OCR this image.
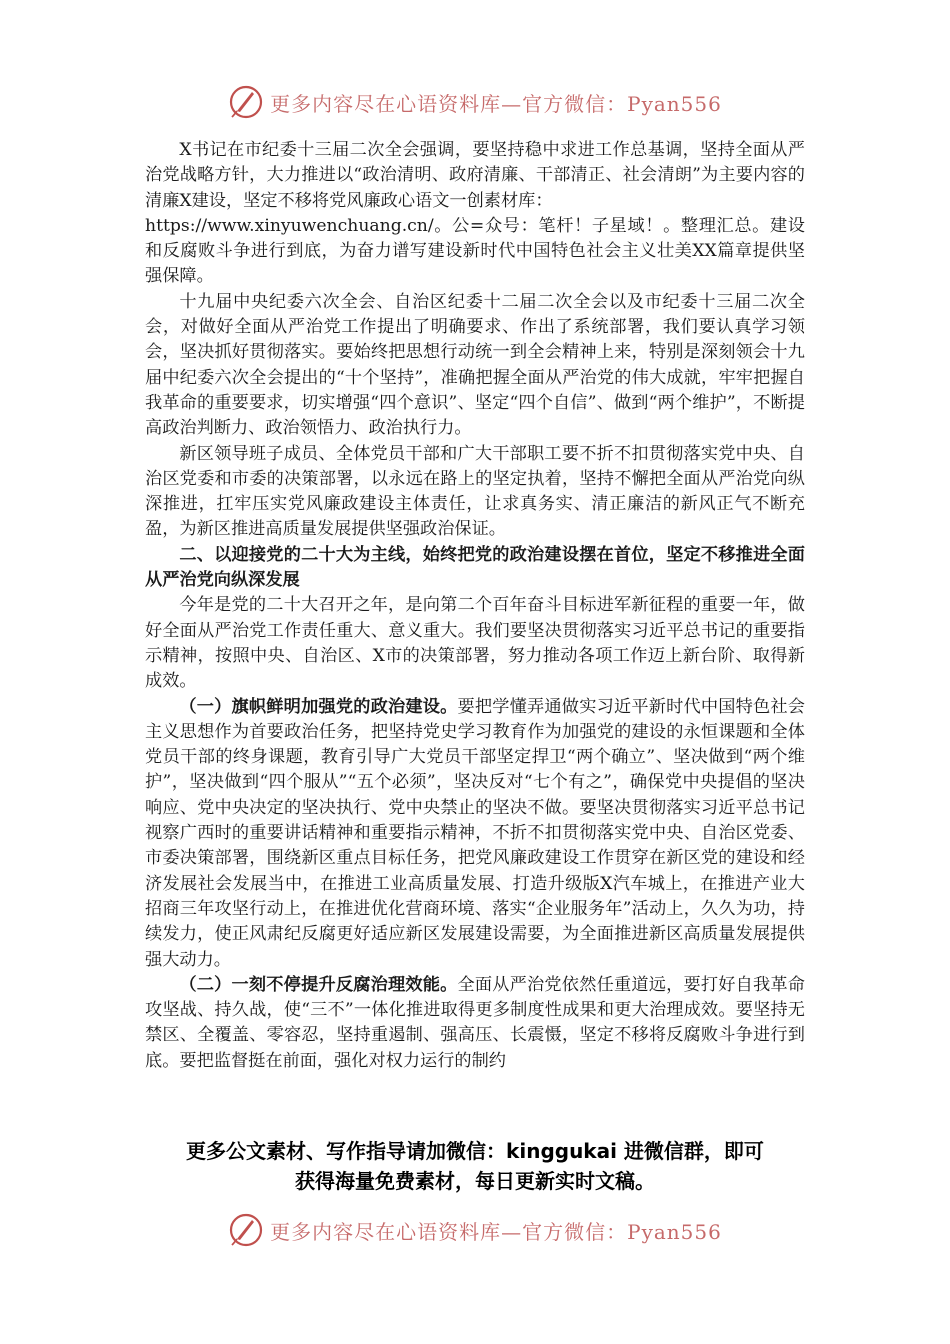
更多内容尽在心语资料库—官方微信：Pyan556

X书记在市纪委十三届二次全会强调，要坚持稳中求进工作总基调，坚持全面从严治党战略方针，大力推进以“政治清明、政府清廉、干部清正、社会清朗”为主要内容的清廉X建设，坚定不移将党风廉政心语文一创素材库：

https://www.xinyuwenchuang.cn/。公=众号：笔杆！子星域！。整理汇总。建设和反腐败斗争进行到底，为奋力谱写建设新时代中国特色社会主义壮美XX篇章提供坚强保障。

十九届中央纪委六次全会、自治区纪委十二届二次全会以及市纪委十三届二次全会，对做好全面从严治党工作提出了明确要求、作出了系统部署，我们要认真学习领会，坚决抓好贯彻落实。要始终把思想行动统一到全会精神上来，特别是深刻领会十九届中纪委六次全会提出的“十个坚持”，准确把握全面从严治党的伟大成就，牢牢把握自我革命的重要要求，切实增强“四个意识”、坚定“四个自信”、做到“两个维护”，不断提高政治判断力、政治领悟力、政治执行力。

新区领导班子成员、全体党员干部和广大干部职工要不折不扣贯彻落实党中央、自治区党委和市委的决策部署，以永远在路上的坚定执着，坚持不懈把全面从严治党向纵深推进，扛牢压实党风廉政建设主体责任，让求真务实、清正廉洁的新风正气不断充盈，为新区推进高质量发展提供坚强政治保证。

二、以迎接党的二十大为主线，始终把党的政治建设摆在首位，坚定不移推进全面从严治党向纵深发展

今年是党的二十大召开之年，是向第二个百年奋斗目标进军新征程的重要一年，做好全面从严治党工作责任重大、意义重大。我们要坚决贯彻落实习近平总书记的重要指示精神，按照中央、自治区、X市的决策部署，努力推动各项工作迈上新台阶、取得新成效。

（一）旗帜鲜明加强党的政治建设。要把学懂弄通做实习近平新时代中国特色社会主义思想作为首要政治任务，把坚持党史学习教育作为加强党的建设的永恒课题和全体党员干部的终身课题，教育引导广大党员干部坚定捍卫“两个确立”、坚决做到“两个维护”，坚决做到“四个服从”“五个必须”，坚决反对“七个有之”，确保党中央提倡的坚决响应、党中央决定的坚决执行、党中央禁止的坚决不做。要坚决贯彻落实习近平总书记视察广西时的重要讲话精神和重要指示精神，不折不扣贯彻落实党中央、自治区党委、市委决策部署，围绕新区重点目标任务，把党风廉政建设工作贯穿在新区党的建设和经济发展社会发展当中，在推进工业高质量发展、打造升级版X汽车城上，在推进产业大招商三年攻坚行动上，在推进优化营商环境、落实“企业服务年”活动上，久久为功，持续发力，使正风肃纪反腐更好适应新区发展建设需要，为全面推进新区高质量发展提供强大动力。

（二）一刻不停提升反腐治理效能。全面从严治党依然任重道远，要打好自我革命攻坚战、持久战，使“三不”一体化推进取得更多制度性成果和更大治理成效。要坚持无禁区、全覆盖、零容忍，坚持重遏制、强高压、长震慑，坚定不移将反腐败斗争进行到底。要把监督挺在前面，强化对权力运行的制约

更多公文素材、写作指导请加微信：kinggukai 进微信群，即可
获得海量免费素材，每日更新实时文稿。
更多内容尽在心语资料库—官方微信：Pyan556
